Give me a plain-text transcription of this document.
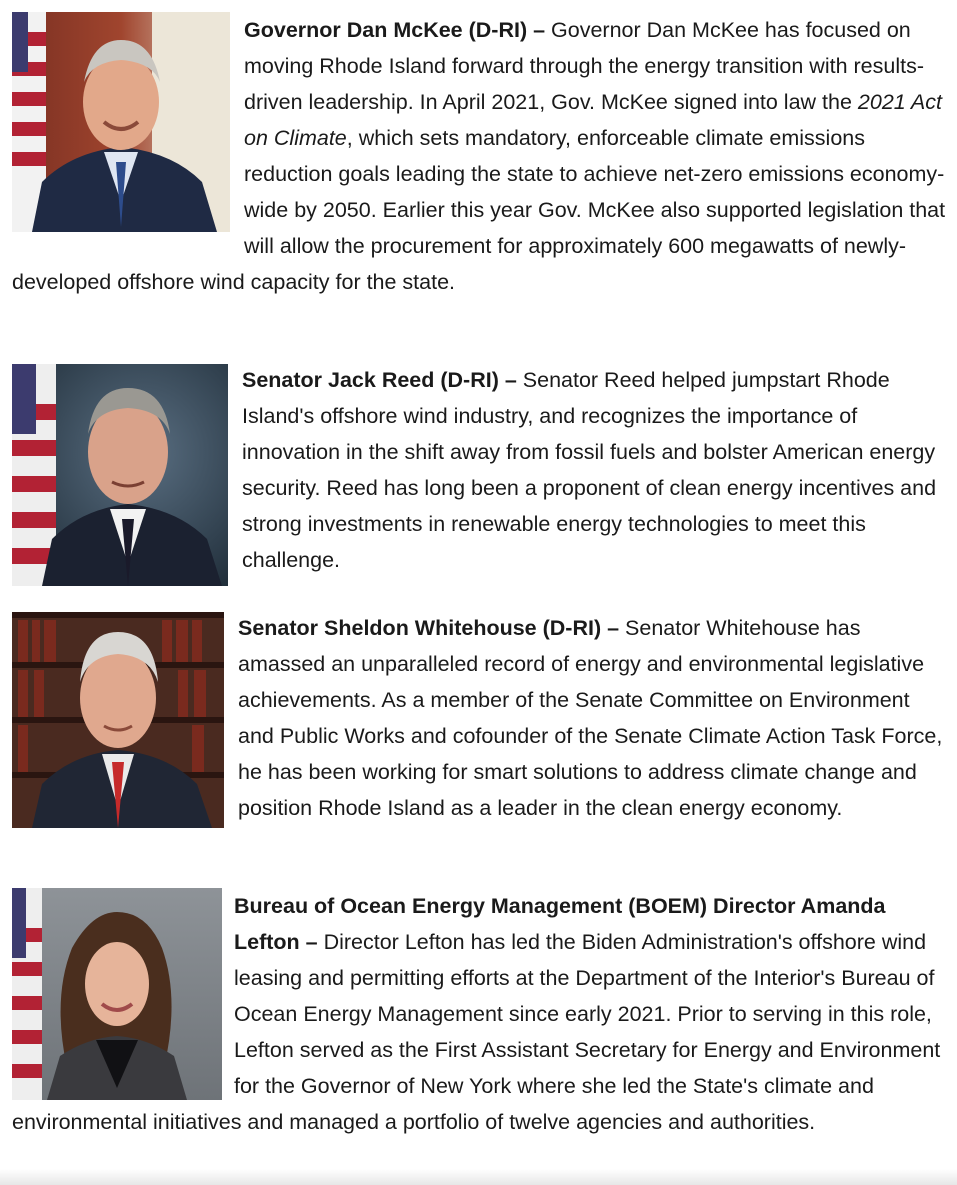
Governor Dan McKee (D-RI) – Governor Dan McKee has focused on moving Rhode Island forward through the energy transition with results-driven leadership. In April 2021, Gov. McKee signed into law the 2021 Act on Climate, which sets mandatory, enforceable climate emissions reduction goals leading the state to achieve net-zero emissions economy-wide by 2050. Earlier this year Gov. McKee also supported legislation that will allow the procurement for approximately 600 megawatts of newly-developed offshore wind capacity for the state.

Senator Jack Reed (D-RI) – Senator Reed helped jumpstart Rhode Island's offshore wind industry, and recognizes the importance of innovation in the shift away from fossil fuels and bolster American energy security. Reed has long been a proponent of clean energy incentives and strong investments in renewable energy technologies to meet this challenge.

Senator Sheldon Whitehouse (D-RI) – Senator Whitehouse has amassed an unparalleled record of energy and environmental legislative achievements. As a member of the Senate Committee on Environment and Public Works and cofounder of the Senate Climate Action Task Force, he has been working for smart solutions to address climate change and position Rhode Island as a leader in the clean energy economy.

Bureau of Ocean Energy Management (BOEM) Director Amanda Lefton – Director Lefton has led the Biden Administration's offshore wind leasing and permitting efforts at the Department of the Interior's Bureau of Ocean Energy Management since early 2021. Prior to serving in this role, Lefton served as the First Assistant Secretary for Energy and Environment for the Governor of New York where she led the State's climate and environmental initiatives and managed a portfolio of twelve agencies and authorities.
